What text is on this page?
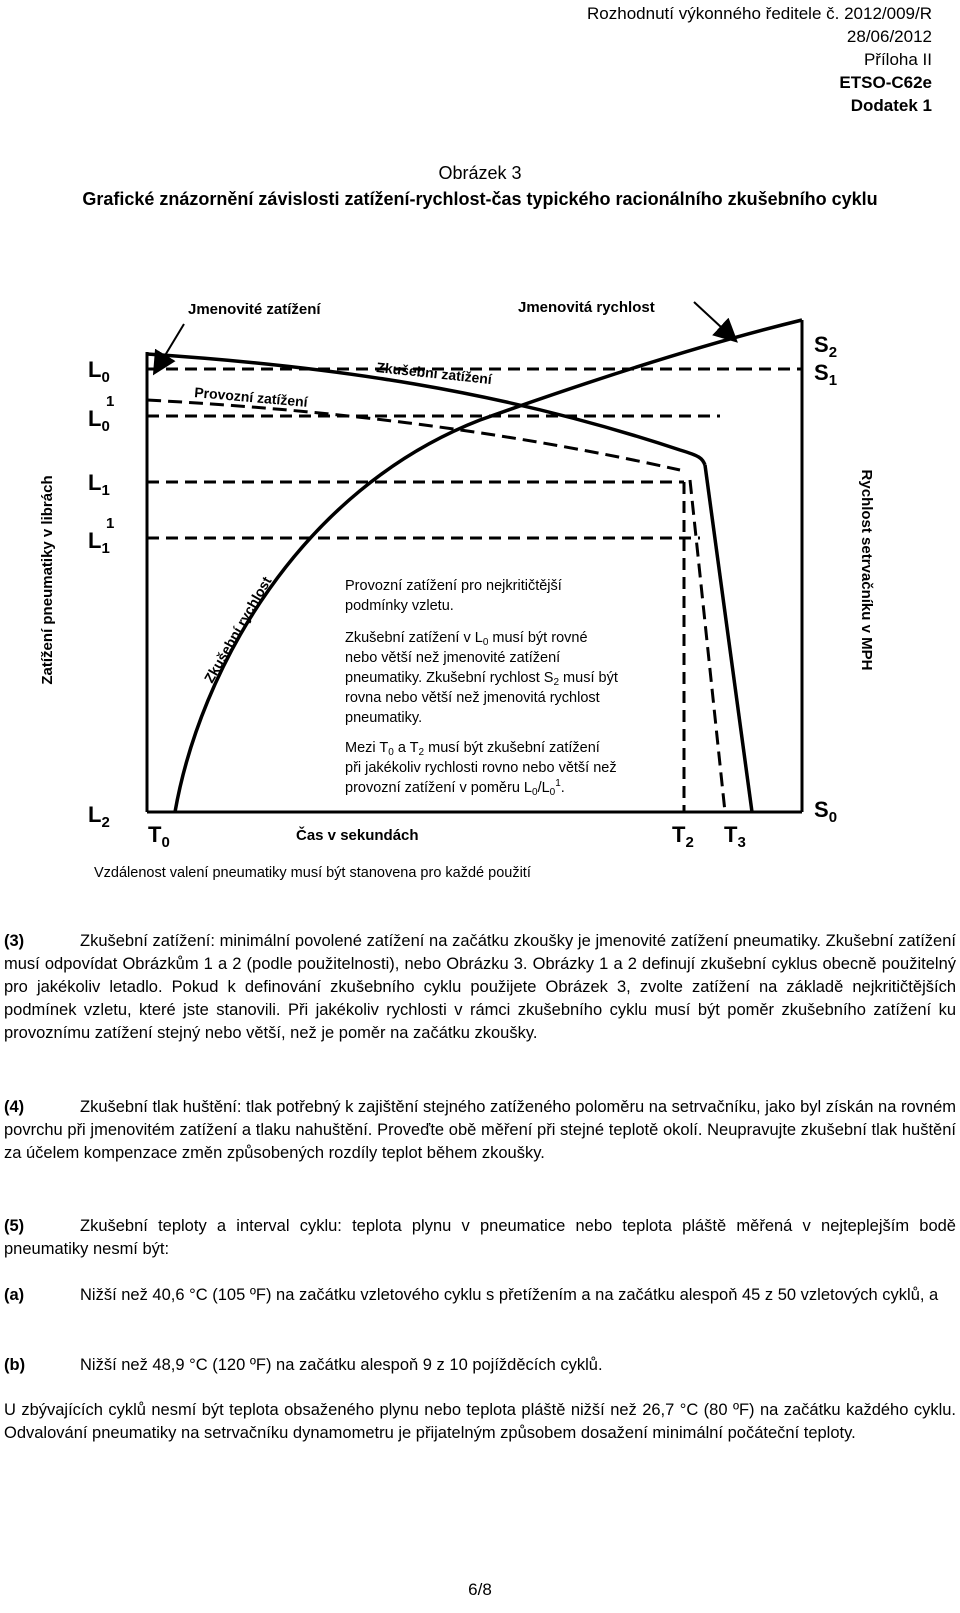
Rozhodnutí výkonného ředitele č. 2012/009/R
28/06/2012
Příloha II
ETSO-C62e
Dodatek 1
Obrázek 3
Grafické znázornění závislosti zatížení-rychlost-čas typického racionálního zkušebního cyklu
Jmenovité zatížení	Jmenovitá rychlost
Zkušební zatížení
Provozní zatížení
Zkušební rychlost
$L_0$
1
$L_0$
$L_1$
1
$L_1$
$L_2$
$S_2$
$S_1$
$S_0$
$T_0$	$T_2$ $T_3$
Čas v sekundách
Zatížení pneumatiky v librách	Rychlost setrvačníku v MPH
Provozní zatížení pro nejkritičtější
podmínky vzletu.
Zkušební zatížení v $L_0$ musí být rovné
nebo větší než jmenovité zatížení
pneumatiky. Zkušební rychlost $S_2$ musí být
rovna nebo větší než jmenovitá rychlost
pneumatiky.
Mezi $T_0$ a $T_2$ musí být zkušební zatížení
při jakékoliv rychlosti rovno nebo větší než
provozní zatížení v poměru $L_0/L_0^1$.
Vzdálenost valení pneumatiky musí být stanovena pro každé použití
(3)	Zkušební zatížení: minimální povolené zatížení na začátku zkoušky je jmenovité zatížení pneumatiky. Zkušební zatížení musí odpovídat Obrázkům 1 a 2 (podle použitelnosti), nebo Obrázku 3. Obrázky 1 a 2 definují zkušební cyklus obecně použitelný pro jakékoliv letadlo. Pokud k definování zkušebního cyklu použijete Obrázek 3, zvolte zatížení na základě nejkritičtějších podmínek vzletu, které jste stanovili. Při jakékoliv rychlosti v rámci zkušebního cyklu musí být poměr zkušebního zatížení ku provoznímu zatížení stejný nebo větší, než je poměr na začátku zkoušky.
(4)	Zkušební tlak huštění: tlak potřebný k zajištění stejného zatíženého poloměru na setrvačníku, jako byl získán na rovném povrchu při jmenovitém zatížení a tlaku nahuštění. Proveďte obě měření při stejné teplotě okolí. Neupravujte zkušební tlak huštění za účelem kompenzace změn způsobených rozdíly teplot během zkoušky.
(5)	Zkušební teploty a interval cyklu: teplota plynu v pneumatice nebo teplota pláště měřená v nejteplejším bodě pneumatiky nesmí být:
(a)	Nižší než 40,6 °C (105 ºF) na začátku vzletového cyklu s přetížením a na začátku alespoň 45 z 50 vzletových cyklů, a
(b)	Nižší než 48,9 °C (120 ºF) na začátku alespoň 9 z 10 pojížděcích cyklů.
U zbývajících cyklů nesmí být teplota obsaženého plynu nebo teplota pláště nižší než 26,7 °C (80 ºF) na začátku každého cyklu. Odvalování pneumatiky na setrvačníku dynamometru je přijatelným způsobem dosažení minimální počáteční teploty.
6/8
